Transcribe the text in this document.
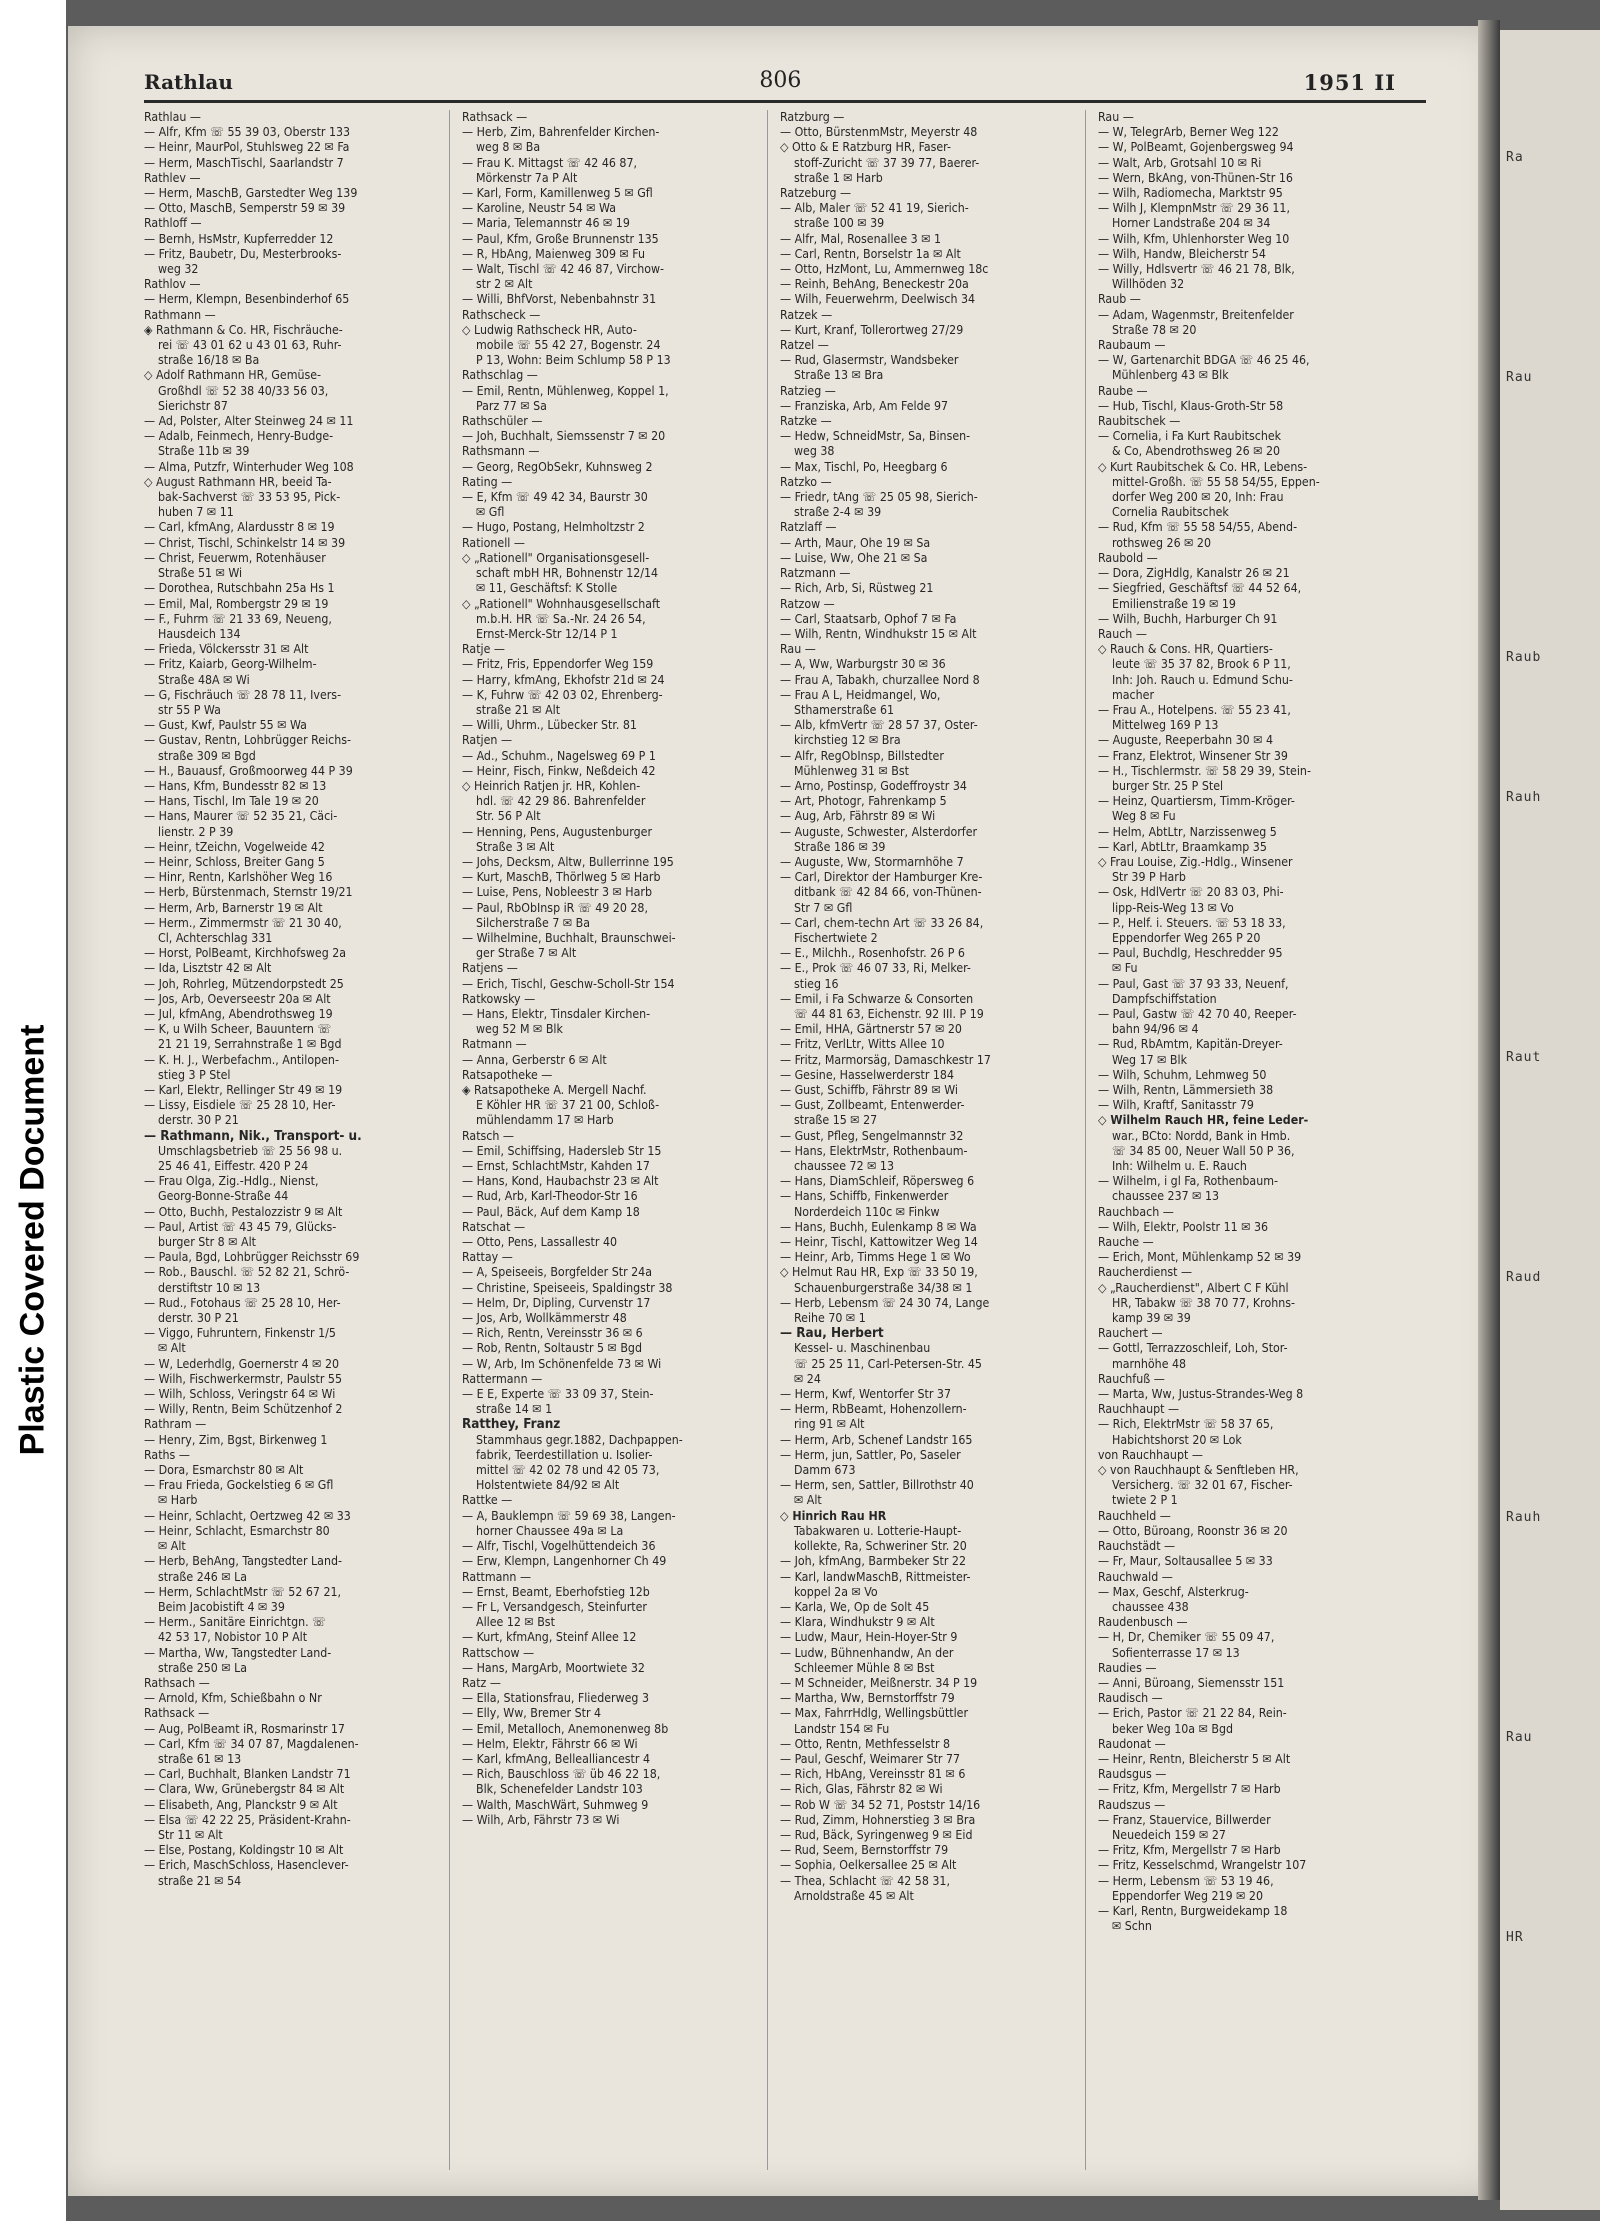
Plastic Covered Document
Rathlau	806	1951 II
Rathlau —
— Alfr, Kfm ☏ 55 39 03, Oberstr 133
— Heinr, MaurPol, Stuhlsweg 22 ✉ Fa
— Herm, MaschTischl, Saarlandstr 7
Rathlev —
— Herm, MaschB, Garstedter Weg 139
— Otto, MaschB, Semperstr 59 ✉ 39
Rathloff —
— Bernh, HsMstr, Kupferredder 12
— Fritz, Baubetr, Du, Mesterbrooks-
weg 32
Rathlov —
— Herm, Klempn, Besenbinderhof 65
Rathmann —
◈ Rathmann & Co. HR, Fischräuche-
rei ☏ 43 01 62 u 43 01 63, Ruhr-
straße 16/18 ✉ Ba
◇ Adolf Rathmann HR, Gemüse-
Großhdl ☏ 52 38 40/33 56 03,
Sierichstr 87
— Ad, Polster, Alter Steinweg 24 ✉ 11
— Adalb, Feinmech, Henry-Budge-
Straße 11b ✉ 39
— Alma, Putzfr, Winterhuder Weg 108
◇ August Rathmann HR, beeid Ta-
bak-Sachverst ☏ 33 53 95, Pick-
huben 7 ✉ 11
— Carl, kfmAng, Alardusstr 8 ✉ 19
— Christ, Tischl, Schinkelstr 14 ✉ 39
— Christ, Feuerwm, Rotenhäuser
Straße 51 ✉ Wi
— Dorothea, Rutschbahn 25a Hs 1
— Emil, Mal, Rombergstr 29 ✉ 19
— F., Fuhrm ☏ 21 33 69, Neueng,
Hausdeich 134
— Frieda, Völckersstr 31 ✉ Alt
— Fritz, Kaiarb, Georg-Wilhelm-
Straße 48A ✉ Wi
— G, Fischräuch ☏ 28 78 11, Ivers-
str 55 P Wa
— Gust, Kwf, Paulstr 55 ✉ Wa
— Gustav, Rentn, Lohbrügger Reichs-
straße 309 ✉ Bgd
— H., Bauausf, Großmoorweg 44 P 39
— Hans, Kfm, Bundesstr 82 ✉ 13
— Hans, Tischl, Im Tale 19 ✉ 20
— Hans, Maurer ☏ 52 35 21, Cäci-
lienstr. 2 P 39
— Heinr, tZeichn, Vogelweide 42
— Heinr, Schloss, Breiter Gang 5
— Hinr, Rentn, Karlshöher Weg 16
— Herb, Bürstenmach, Sternstr 19/21
— Herm, Arb, Barnerstr 19 ✉ Alt
— Herm., Zimmermstr ☏ 21 30 40,
Cl, Achterschlag 331
— Horst, PolBeamt, Kirchhofsweg 2a
— Ida, Lisztstr 42 ✉ Alt
— Joh, Rohrleg, Mützendorpstedt 25
— Jos, Arb, Oeverseestr 20a ✉ Alt
— Jul, kfmAng, Abendrothsweg 19
— K, u Wilh Scheer, Bauuntern ☏
21 21 19, Serrahnstraße 1 ✉ Bgd
— K. H. J., Werbefachm., Antilopen-
stieg 3 P Stel
— Karl, Elektr, Rellinger Str 49 ✉ 19
— Lissy, Eisdiele ☏ 25 28 10, Her-
derstr. 30 P 21
— Rathmann, Nik., Transport- u.
Umschlagsbetrieb ☏ 25 56 98 u.
25 46 41, Eiffestr. 420 P 24
— Frau Olga, Zig.-Hdlg., Nienst,
Georg-Bonne-Straße 44
— Otto, Buchh, Pestalozzistr 9 ✉ Alt
— Paul, Artist ☏ 43 45 79, Glücks-
burger Str 8 ✉ Alt
— Paula, Bgd, Lohbrügger Reichsstr 69
— Rob., Bauschl. ☏ 52 82 21, Schrö-
derstiftstr 10 ✉ 13
— Rud., Fotohaus ☏ 25 28 10, Her-
derstr. 30 P 21
— Viggo, Fuhruntern, Finkenstr 1/5
✉ Alt
— W, Lederhdlg, Goernerstr 4 ✉ 20
— Wilh, Fischwerkermstr, Paulstr 55
— Wilh, Schloss, Veringstr 64 ✉ Wi
— Willy, Rentn, Beim Schützenhof 2
Rathram —
— Henry, Zim, Bgst, Birkenweg 1
Raths —
— Dora, Esmarchstr 80 ✉ Alt
— Frau Frieda, Gockelstieg 6 ✉ Gfl
✉ Harb
— Heinr, Schlacht, Oertzweg 42 ✉ 33
— Heinr, Schlacht, Esmarchstr 80
✉ Alt
— Herb, BehAng, Tangstedter Land-
straße 246 ✉ La
— Herm, SchlachtMstr ☏ 52 67 21,
Beim Jacobistift 4 ✉ 39
— Herm., Sanitäre Einrichtgn. ☏
42 53 17, Nobistor 10 P Alt
— Martha, Ww, Tangstedter Land-
straße 250 ✉ La
Rathsach —
— Arnold, Kfm, Schießbahn o Nr
Rathsack —
— Aug, PolBeamt iR, Rosmarinstr 17
— Carl, Kfm ☏ 34 07 87, Magdalenen-
straße 61 ✉ 13
— Carl, Buchhalt, Blanken Landstr 71
— Clara, Ww, Grünebergstr 84 ✉ Alt
— Elisabeth, Ang, Planckstr 9 ✉ Alt
— Elsa ☏ 42 22 25, Präsident-Krahn-
Str 11 ✉ Alt
— Else, Postang, Koldingstr 10 ✉ Alt
— Erich, MaschSchloss, Hasenclever-
straße 21 ✉ 54
Rathsack —
— Herb, Zim, Bahrenfelder Kirchen-
weg 8 ✉ Ba
— Frau K. Mittagst ☏ 42 46 87,
Mörkenstr 7a P Alt
— Karl, Form, Kamillenweg 5 ✉ Gfl
— Karoline, Neustr 54 ✉ Wa
— Maria, Telemannstr 46 ✉ 19
— Paul, Kfm, Große Brunnenstr 135
— R, HbAng, Maienweg 309 ✉ Fu
— Walt, Tischl ☏ 42 46 87, Virchow-
str 2 ✉ Alt
— Willi, BhfVorst, Nebenbahnstr 31
Rathscheck —
◇ Ludwig Rathscheck HR, Auto-
mobile ☏ 55 42 27, Bogenstr. 24
P 13, Wohn: Beim Schlump 58 P 13
Rathschlag —
— Emil, Rentn, Mühlenweg, Koppel 1,
Parz 77 ✉ Sa
Rathschüler —
— Joh, Buchhalt, Siemssenstr 7 ✉ 20
Rathsmann —
— Georg, RegObSekr, Kuhnsweg 2
Rating —
— E, Kfm ☏ 49 42 34, Baurstr 30
✉ Gfl
— Hugo, Postang, Helmholtzstr 2
Rationell —
◇ „Rationell" Organisationsgesell-
schaft mbH HR, Bohnenstr 12/14
✉ 11, Geschäftsf: K Stolle
◇ „Rationell" Wohnhausgesellschaft
m.b.H. HR ☏ Sa.-Nr. 24 26 54,
Ernst-Merck-Str 12/14 P 1
Ratje —
— Fritz, Fris, Eppendorfer Weg 159
— Harry, kfmAng, Ekhofstr 21d ✉ 24
— K, Fuhrw ☏ 42 03 02, Ehrenberg-
straße 21 ✉ Alt
— Willi, Uhrm., Lübecker Str. 81
Ratjen —
— Ad., Schuhm., Nagelsweg 69 P 1
— Heinr, Fisch, Finkw, Neßdeich 42
◇ Heinrich Ratjen jr. HR, Kohlen-
hdl. ☏ 42 29 86. Bahrenfelder
Str. 56 P Alt
— Henning, Pens, Augustenburger
Straße 3 ✉ Alt
— Johs, Decksm, Altw, Bullerrinne 195
— Kurt, MaschB, Thörlweg 5 ✉ Harb
— Luise, Pens, Nobleestr 3 ✉ Harb
— Paul, RbObInsp iR ☏ 49 20 28,
Silcherstraße 7 ✉ Ba
— Wilhelmine, Buchhalt, Braunschwei-
ger Straße 7 ✉ Alt
Ratjens —
— Erich, Tischl, Geschw-Scholl-Str 154
Ratkowsky —
— Hans, Elektr, Tinsdaler Kirchen-
weg 52 M ✉ Blk
Ratmann —
— Anna, Gerberstr 6 ✉ Alt
Ratsapotheke —
◈ Ratsapotheke A. Mergell Nachf.
E Köhler HR ☏ 37 21 00, Schloß-
mühlendamm 17 ✉ Harb
Ratsch —
— Emil, Schiffsing, Hadersleb Str 15
— Ernst, SchlachtMstr, Kahden 17
— Hans, Kond, Haubachstr 23 ✉ Alt
— Rud, Arb, Karl-Theodor-Str 16
— Paul, Bäck, Auf dem Kamp 18
Ratschat —
— Otto, Pens, Lassallestr 40
Rattay —
— A, Speiseeis, Borgfelder Str 24a
— Christine, Speiseeis, Spaldingstr 38
— Helm, Dr, Dipling, Curvenstr 17
— Jos, Arb, Wollkämmerstr 48
— Rich, Rentn, Vereinsstr 36 ✉ 6
— Rob, Rentn, Soltaustr 5 ✉ Bgd
— W, Arb, Im Schönenfelde 73 ✉ Wi
Rattermann —
— E E, Experte ☏ 33 09 37, Stein-
straße 14 ✉ 1
Ratthey, Franz
Stammhaus gegr.1882, Dachpappen-
fabrik, Teerdestillation u. Isolier-
mittel ☏ 42 02 78 und 42 05 73,
Holstentwiete 84/92 ✉ Alt
Rattke —
— A, Bauklempn ☏ 59 69 38, Langen-
horner Chaussee 49a ✉ La
— Alfr, Tischl, Vogelhüttendeich 36
— Erw, Klempn, Langenhorner Ch 49
Rattmann —
— Ernst, Beamt, Eberhofstieg 12b
— Fr L, Versandgesch, Steinfurter
Allee 12 ✉ Bst
— Kurt, kfmAng, Steinf Allee 12
Rattschow —
— Hans, MargArb, Moortwiete 32
Ratz —
— Ella, Stationsfrau, Fliederweg 3
— Elly, Ww, Bremer Str 4
— Emil, Metalloch, Anemonenweg 8b
— Helm, Elektr, Fährstr 66 ✉ Wi
— Karl, kfmAng, Belleallianсestr 4
— Rich, Bauschloss ☏ üb 46 22 18,
Blk, Schenefelder Landstr 103
— Walth, MaschWärt, Suhmweg 9
— Wilh, Arb, Fährstr 73 ✉ Wi
Ratzburg —
— Otto, BürstenmMstr, Meyerstr 48
◇ Otto & E Ratzburg HR, Faser-
stoff-Zuricht ☏ 37 39 77, Baerer-
straße 1 ✉ Harb
Ratzeburg —
— Alb, Maler ☏ 52 41 19, Sierich-
straße 100 ✉ 39
— Alfr, Mal, Rosenallee 3 ✉ 1
— Carl, Rentn, Borselstr 1a ✉ Alt
— Otto, HzMont, Lu, Ammernweg 18c
— Reinh, BehAng, Beneckestr 20a
— Wilh, Feuerwehrm, Deelwisch 34
Ratzek —
— Kurt, Kranf, Tollerortweg 27/29
Ratzel —
— Rud, Glasermstr, Wandsbeker
Straße 13 ✉ Bra
Ratzieg —
— Franziska, Arb, Am Felde 97
Ratzke —
— Hedw, SchneidMstr, Sa, Binsen-
weg 38
— Max, Tischl, Po, Heegbarg 6
Ratzko —
— Friedr, tAng ☏ 25 05 98, Sierich-
straße 2-4 ✉ 39
Ratzlaff —
— Arth, Maur, Ohe 19 ✉ Sa
— Luise, Ww, Ohe 21 ✉ Sa
Ratzmann —
— Rich, Arb, Si, Rüstweg 21
Ratzow —
— Carl, Staatsarb, Ophof 7 ✉ Fa
— Wilh, Rentn, Windhukstr 15 ✉ Alt
Rau —
— A, Ww, Warburgstr 30 ✉ 36
— Frau A, Tabakh, churzallee Nord 8
— Frau A L, Heidmangel, Wo,
Sthamerstraße 61
— Alb, kfmVertr ☏ 28 57 37, Oster-
kirchstieg 12 ✉ Bra
— Alfr, RegObInsp, Billstedter
Mühlenweg 31 ✉ Bst
— Arno, Postinsp, Godeffroystr 34
— Art, Photogr, Fahrenkamp 5
— Aug, Arb, Fährstr 89 ✉ Wi
— Auguste, Schwester, Alsterdorfer
Straße 186 ✉ 39
— Auguste, Ww, Stormarnhöhe 7
— Carl, Direktor der Hamburger Kre-
ditbank ☏ 42 84 66, von-Thünen-
Str 7 ✉ Gfl
— Carl, chem-techn Art ☏ 33 26 84,
Fischertwiete 2
— E., Milchh., Rosenhofstr. 26 P 6
— E., Prok ☏ 46 07 33, Ri, Melker-
stieg 16
— Emil, i Fa Schwarze & Consorten
☏ 44 81 63, Eichenstr. 92 III. P 19
— Emil, HHA, Gärtnerstr 57 ✉ 20
— Fritz, VerlLtr, Witts Allee 10
— Fritz, Marmorsäg, Damaschkestr 17
— Gesine, Hasselwerderstr 184
— Gust, Schiffb, Fährstr 89 ✉ Wi
— Gust, Zollbeamt, Entenwerder-
straße 15 ✉ 27
— Gust, Pfleg, Sengelmannstr 32
— Hans, ElektrMstr, Rothenbaum-
chaussee 72 ✉ 13
— Hans, DiamSchleif, Röpersweg 6
— Hans, Schiffb, Finkenwerder
Norderdeich 110c ✉ Finkw
— Hans, Buchh, Eulenkamp 8 ✉ Wa
— Heinr, Tischl, Kattowitzer Weg 14
— Heinr, Arb, Timms Hege 1 ✉ Wo
◇ Helmut Rau HR, Exp ☏ 33 50 19,
Schauenburgerstraße 34/38 ✉ 1
— Herb, Lebensm ☏ 24 30 74, Lange
Reihe 70 ✉ 1
— Rau, Herbert
Kessel- u. Maschinenbau
☏ 25 25 11, Carl-Petersen-Str. 45
✉ 24
— Herm, Kwf, Wentorfer Str 37
— Herm, RbBeamt, Hohenzollern-
ring 91 ✉ Alt
— Herm, Arb, Schenef Landstr 165
— Herm, jun, Sattler, Po, Saseler
Damm 673
— Herm, sen, Sattler, Billrothstr 40
✉ Alt
◇ Hinrich Rau HR
Tabakwaren u. Lotterie-Haupt-
kollekte, Ra, Schweriner Str. 20
— Joh, kfmAng, Barmbeker Str 22
— Karl, landwMaschB, Rittmeister-
koppel 2a ✉ Vo
— Karla, We, Op de Solt 45
— Klara, Windhukstr 9 ✉ Alt
— Ludw, Maur, Hein-Hoyer-Str 9
— Ludw, Bühnenhandw, An der
Schleemer Mühle 8 ✉ Bst
— M Schneider, Meißnerstr. 34 P 19
— Martha, Ww, Bernstorffstr 79
— Max, FahrrHdlg, Wellingsbüttler
Landstr 154 ✉ Fu
— Otto, Rentn, Methfesselstr 8
— Paul, Geschf, Weimarer Str 77
— Rich, HbAng, Vereinsstr 81 ✉ 6
— Rich, Glas, Fährstr 82 ✉ Wi
— Rob W ☏ 34 52 71, Poststr 14/16
— Rud, Zimm, Hohnerstieg 3 ✉ Bra
— Rud, Bäck, Syringenweg 9 ✉ Eid
— Rud, Seem, Bernstorffstr 79
— Sophia, Oelkersallee 25 ✉ Alt
— Thea, Schlacht ☏ 42 58 31,
Arnoldstraße 45 ✉ Alt
Rau —
— W, TelegrArb, Berner Weg 122
— W, PolBeamt, Gojenbergsweg 94
— Walt, Arb, Grotsahl 10 ✉ Ri
— Wern, BkAng, von-Thünen-Str 16
— Wilh, Radiomecha, Marktstr 95
— Wilh J, KlempnMstr ☏ 29 36 11,
Horner Landstraße 204 ✉ 34
— Wilh, Kfm, Uhlenhorster Weg 10
— Wilh, Handw, Bleicherstr 54
— Willy, Hdlsvertr ☏ 46 21 78, Blk,
Willhöden 32
Raub —
— Adam, Wagenmstr, Breitenfelder
Straße 78 ✉ 20
Raubaum —
— W, Gartenarchit BDGA ☏ 46 25 46,
Mühlenberg 43 ✉ Blk
Raube —
— Hub, Tischl, Klaus-Groth-Str 58
Raubitschek —
— Cornelia, i Fa Kurt Raubitschek
& Co, Abendrothsweg 26 ✉ 20
◇ Kurt Raubitschek & Co. HR, Lebens-
mittel-Großh. ☏ 55 58 54/55, Eppen-
dorfer Weg 200 ✉ 20, Inh: Frau
Cornelia Raubitschek
— Rud, Kfm ☏ 55 58 54/55, Abend-
rothsweg 26 ✉ 20
Raubold —
— Dora, ZigHdlg, Kanalstr 26 ✉ 21
— Siegfried, Geschäftsf ☏ 44 52 64,
Emilienstraße 19 ✉ 19
— Wilh, Buchh, Harburger Ch 91
Rauch —
◇ Rauch & Cons. HR, Quartiers-
leute ☏ 35 37 82, Brook 6 P 11,
Inh: Joh. Rauch u. Edmund Schu-
macher
— Frau A., Hotelpens. ☏ 55 23 41,
Mittelweg 169 P 13
— Auguste, Reeperbahn 30 ✉ 4
— Franz, Elektrot, Winsener Str 39
— H., Tischlermstr. ☏ 58 29 39, Stein-
burger Str. 25 P Stel
— Heinz, Quartiersm, Timm-Kröger-
Weg 8 ✉ Fu
— Helm, AbtLtr, Narzissenweg 5
— Karl, AbtLtr, Braamkamp 35
◇ Frau Louise, Zig.-Hdlg., Winsener
Str 39 P Harb
— Osk, HdlVertr ☏ 20 83 03, Phi-
lipp-Reis-Weg 13 ✉ Vo
— P., Helf. i. Steuers. ☏ 53 18 33,
Eppendorfer Weg 265 P 20
— Paul, Buchdlg, Heschredder 95
✉ Fu
— Paul, Gast ☏ 37 93 33, Neuenf,
Dampfschiffstation
— Paul, Gastw ☏ 42 70 40, Reeper-
bahn 94/96 ✉ 4
— Rud, RbAmtm, Kapitän-Dreyer-
Weg 17 ✉ Blk
— Wilh, Schuhm, Lehmweg 50
— Wilh, Rentn, Lämmersieth 38
— Wilh, Kraftf, Sanitasstr 79
◇ Wilhelm Rauch HR, feine Leder-
war., BCto: Nordd, Bank in Hmb.
☏ 34 85 00, Neuer Wall 50 P 36,
Inh: Wilhelm u. E. Rauch
— Wilhelm, i gl Fa, Rothenbaum-
chaussee 237 ✉ 13
Rauchbach —
— Wilh, Elektr, Poolstr 11 ✉ 36
Rauche —
— Erich, Mont, Mühlenkamp 52 ✉ 39
Raucherdienst —
◇ „Raucherdienst", Albert C F Kühl
HR, Tabakw ☏ 38 70 77, Krohns-
kamp 39 ✉ 39
Rauchert —
— Gottl, Terrazzoschleif, Loh, Stor-
marnhöhe 48
Rauchfuß —
— Marta, Ww, Justus-Strandes-Weg 8
Rauchhaupt —
— Rich, ElektrMstr ☏ 58 37 65,
Habichtshorst 20 ✉ Lok
von Rauchhaupt —
◇ von Rauchhaupt & Senftleben HR,
Versicherg. ☏ 32 01 67, Fischer-
twiete 2 P 1
Rauchheld —
— Otto, Büroang, Roonstr 36 ✉ 20
Rauchstädt —
— Fr, Maur, Soltausallee 5 ✉ 33
Rauchwald —
— Max, Geschf, Alsterkrug-
chaussee 438
Raudenbusch —
— H, Dr, Chemiker ☏ 55 09 47,
Sofienterrasse 17 ✉ 13
Raudies —
— Anni, Büroang, Siemensstr 151
Raudisch —
— Erich, Pastor ☏ 21 22 84, Rein-
beker Weg 10a ✉ Bgd
Raudonat —
— Heinr, Rentn, Bleicherstr 5 ✉ Alt
Raudsgus —
— Fritz, Kfm, Mergellstr 7 ✉ Harb
Raudszus —
— Franz, Stauervice, Billwerder
Neuedeich 159 ✉ 27
— Fritz, Kfm, Mergellstr 7 ✉ Harb
— Fritz, Kesselschmd, Wrangelstr 107
— Herm, Lebensm ☏ 53 19 46,
Eppendorfer Weg 219 ✉ 20
— Karl, Rentn, Burgweidekamp 18
✉ Schn
Ra
Rau
Raub
Rauh
Raut
Raud
Rauh
Rau
HR
